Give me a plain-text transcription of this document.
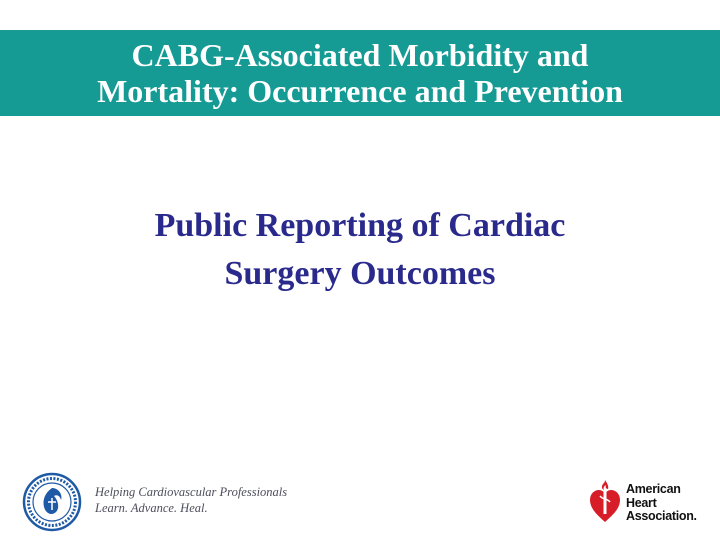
CABG-Associated Morbidity and
Mortality: Occurrence and Prevention
Public Reporting of Cardiac
Surgery Outcomes
Helping Cardiovascular Professionals
Learn. Advance. Heal.
American
Heart
Association.
